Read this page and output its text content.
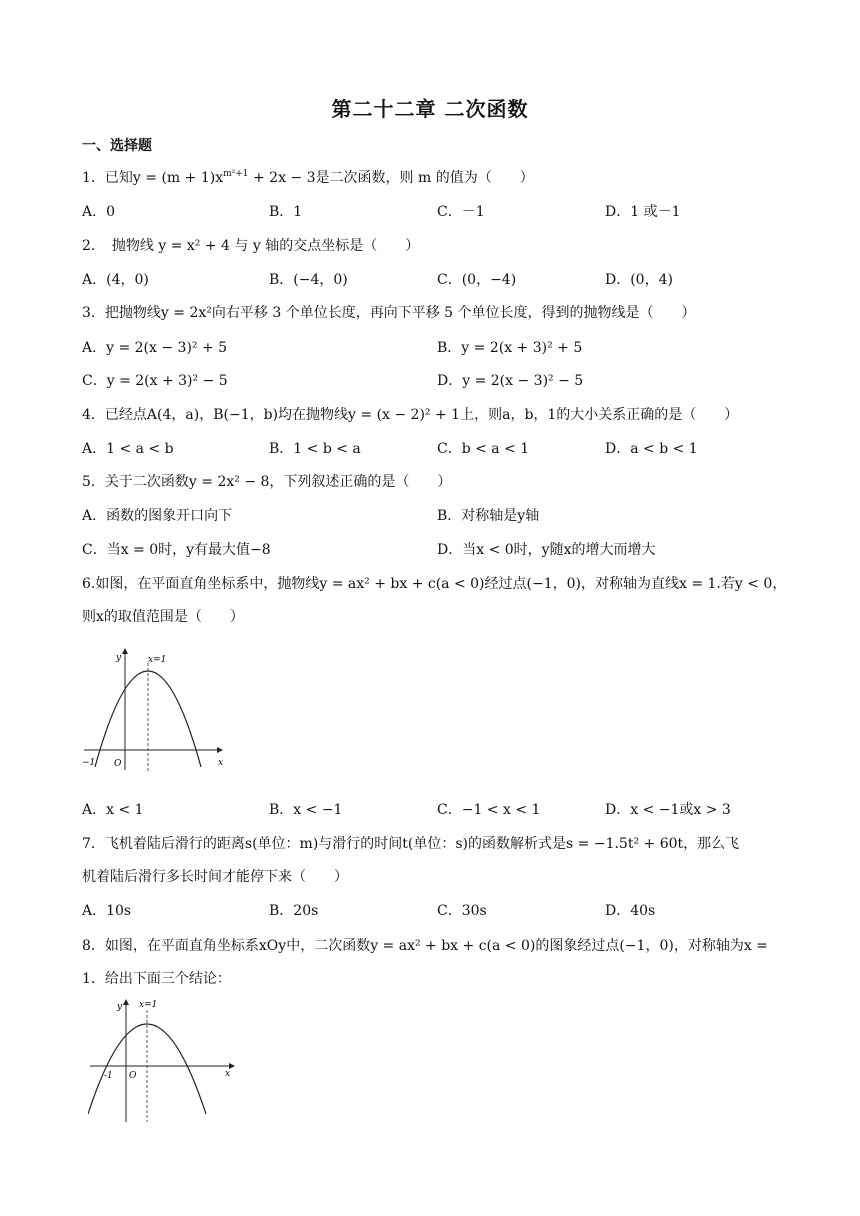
第二十二章 二次函数
一、选择题
1．已知$y = (m + 1)x^{m^2+1} + 2x - 3$是二次函数，则 m 的值为（　　）
A．0	B．1	C．－1	D．1 或－1
2．　抛物线 y = x² + 4 与 y 轴的交点坐标是（　　）
A．(4，0)	B．(−4，0)	C．(0，−4)	D．(0，4)
3．把抛物线y = 2x²向右平移 3 个单位长度，再向下平移 5 个单位长度，得到的抛物线是（　　）
A．y = 2(x − 3)² + 5	B．y = 2(x + 3)² + 5
C．y = 2(x + 3)² − 5	D．y = 2(x − 3)² − 5
4．已经点A(4，a)，B(−1，b)均在抛物线y = (x − 2)² + 1上，则a，b，1的大小关系正确的是（　　）
A．1 < a < b	B．1 < b < a	C．b < a < 1	D．a < b < 1
5．关于二次函数y = 2x² − 8，下列叙述正确的是（　　）
A．函数的图象开口向下	B．对称轴是y轴
C．当x = 0时，y有最大值−8	D．当x < 0时，y随x的增大而增大
6.如图，在平面直角坐标系中，抛物线y = ax² + bx + c(a < 0)经过点(−1，0)，对称轴为直线x = 1.若y < 0，
则x的取值范围是（　　）
y
x
x=1
O
−1
A．x < 1	B．x < −1	C．−1 < x < 1	D．x < −1或x > 3
7．飞机着陆后滑行的距离s(单位：m)与滑行的时间t(单位：s)的函数解析式是s = −1.5t² + 60t，那么飞
机着陆后滑行多长时间才能停下来（　　）
A．10s	B．20s	C．30s	D．40s
8．如图，在平面直角坐标系xOy中，二次函数y = ax² + bx + c(a < 0)的图象经过点(−1，0)，对称轴为x =
1．给出下面三个结论：
y
x
x=1
O
-1
